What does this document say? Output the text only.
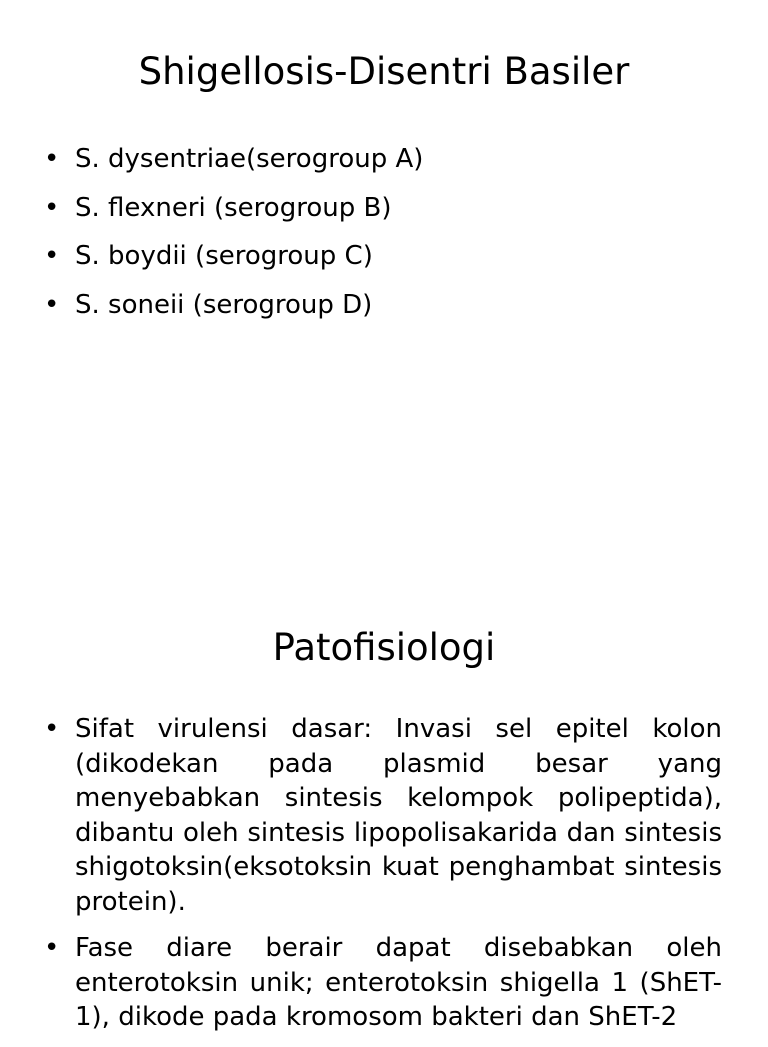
Shigellosis-Disentri Basiler
• S. dysentriae(serogroup A)
• S. flexneri (serogroup B)
• S. boydii (serogroup C)
• S. soneii (serogroup D)
Patofisiologi
• Sifat virulensi dasar: Invasi sel epitel kolon (dikodekan pada plasmid besar yang menyebabkan sintesis kelompok polipeptida), dibantu oleh sintesis lipopolisakarida dan sintesis shigotoksin(eksotoksin kuat penghambat sintesis protein).
• Fase diare berair dapat disebabkan oleh enterotoksin unik; enterotoksin shigella 1 (ShET-1), dikode pada kromosom bakteri dan ShET-2
